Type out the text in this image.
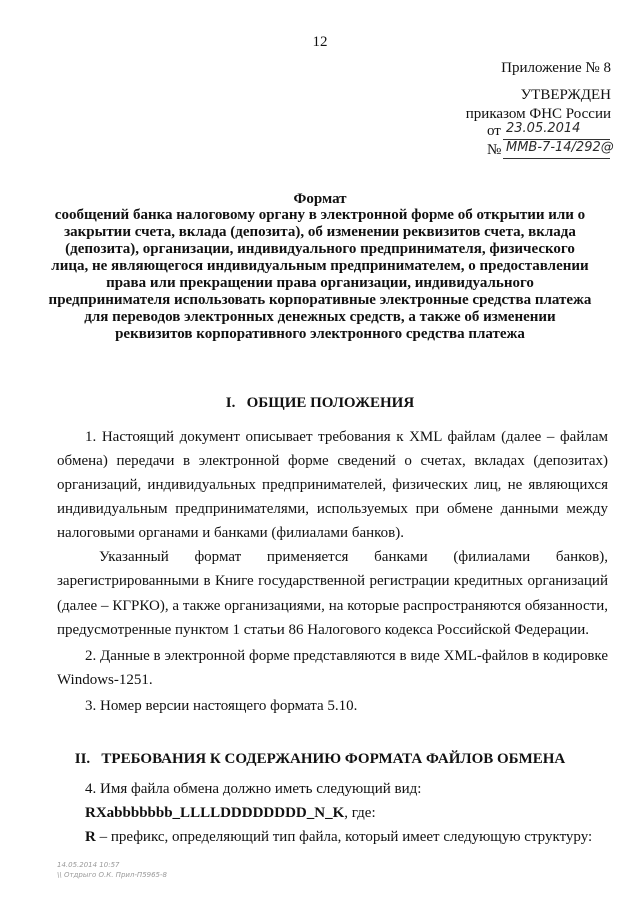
12
Приложение № 8
УТВЕРЖДЕН
приказом ФНС России
от 23.05.2014
№ ММВ-7-14/292@
Формат
сообщений банка налоговому органу в электронной форме об открытии или о
закрытии счета, вклада (депозита), об изменении реквизитов счета, вклада
(депозита), организации, индивидуального предпринимателя, физического
лица, не являющегося индивидуальным предпринимателем, о предоставлении
права или прекращении права организации, индивидуального
предпринимателя использовать корпоративные электронные средства платежа
для переводов электронных денежных средств, а также об изменении
реквизитов корпоративного электронного средства платежа
I.   ОБЩИЕ ПОЛОЖЕНИЯ
1. Настоящий документ описывает требования к XML файлам (далее – файлам
обмена) передачи в электронной форме сведений о счетах, вкладах (депозитах)
организаций, индивидуальных предпринимателей, физических лиц, не являющихся
индивидуальным предпринимателями, используемых при обмене данными между
налоговыми органами и банками (филиалами банков).
Указанный формат применяется банками (филиалами банков),
зарегистрированными в Книге государственной регистрации кредитных организаций
(далее – КГРКО), а также организациями, на которые распространяются обязанности,
предусмотренные пунктом 1 статьи 86 Налогового кодекса Российской Федерации.
2. Данные в электронной форме представляются в виде XML-файлов в кодировке
Windows-1251.
3. Номер версии настоящего формата 5.10.
II.   ТРЕБОВАНИЯ К СОДЕРЖАНИЮ ФОРМАТА ФАЙЛОВ ОБМЕНА
4. Имя файла обмена должно иметь следующий вид:
RXabbbbbbb_LLLLDDDDDDDD_N_K, где:
R – префикс, определяющий тип файла, который имеет следующую структуру:
14.05.2014 10:57
\\ Отдрыго О.К. Прил-П5965-8
